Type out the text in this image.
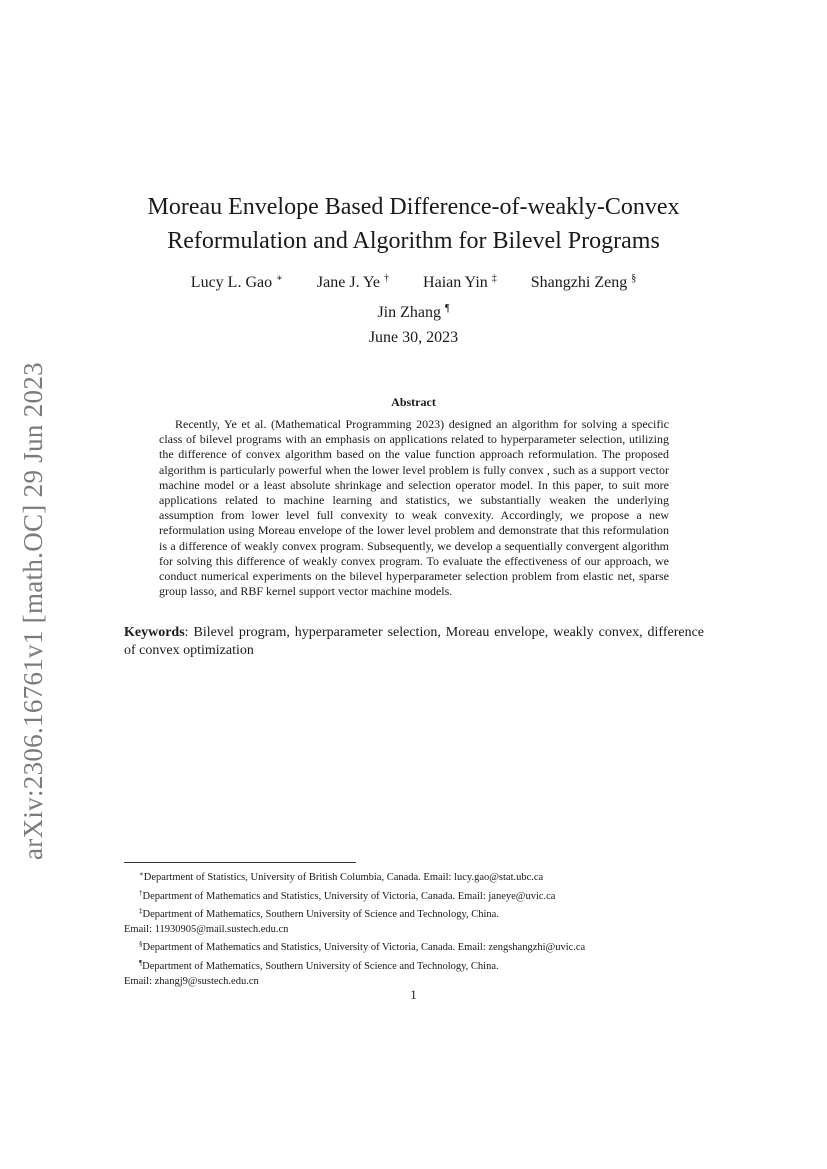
arXiv:2306.16761v1 [math.OC] 29 Jun 2023
Moreau Envelope Based Difference-of-weakly-Convex
Reformulation and Algorithm for Bilevel Programs
Lucy L. Gao ∗ Jane J. Ye † Haian Yin ‡ Shangzhi Zeng §
Jin Zhang ¶
June 30, 2023
Abstract

Recently, Ye et al. (Mathematical Programming 2023) designed an algorithm for solving a specific class of bilevel programs with an emphasis on applications related to hyperparameter selection, utilizing the difference of convex algorithm based on the value function approach reformulation. The proposed algorithm is particularly powerful when the lower level problem is fully convex , such as a support vector machine model or a least absolute shrinkage and selection operator model. In this paper, to suit more applications related to machine learning and statistics, we substantially weaken the underlying assumption from lower level full convexity to weak convexity. Accordingly, we propose a new reformulation using Moreau envelope of the lower level problem and demonstrate that this reformulation is a difference of weakly convex program. Subsequently, we develop a sequentially convergent algorithm for solving this difference of weakly convex program. To evaluate the effectiveness of our approach, we conduct numerical experiments on the bilevel hyperparameter selection problem from elastic net, sparse group lasso, and RBF kernel support vector machine models.

Keywords: Bilevel program, hyperparameter selection, Moreau envelope, weakly convex, difference of convex optimization

∗Department of Statistics, University of British Columbia, Canada. Email: lucy.gao@stat.ubc.ca
†Department of Mathematics and Statistics, University of Victoria, Canada. Email: janeye@uvic.ca
‡Department of Mathematics, Southern University of Science and Technology, China.
Email: 11930905@mail.sustech.edu.cn
§Department of Mathematics and Statistics, University of Victoria, Canada. Email: zengshangzhi@uvic.ca
¶Department of Mathematics, Southern University of Science and Technology, China.
Email: zhangj9@sustech.edu.cn
1
